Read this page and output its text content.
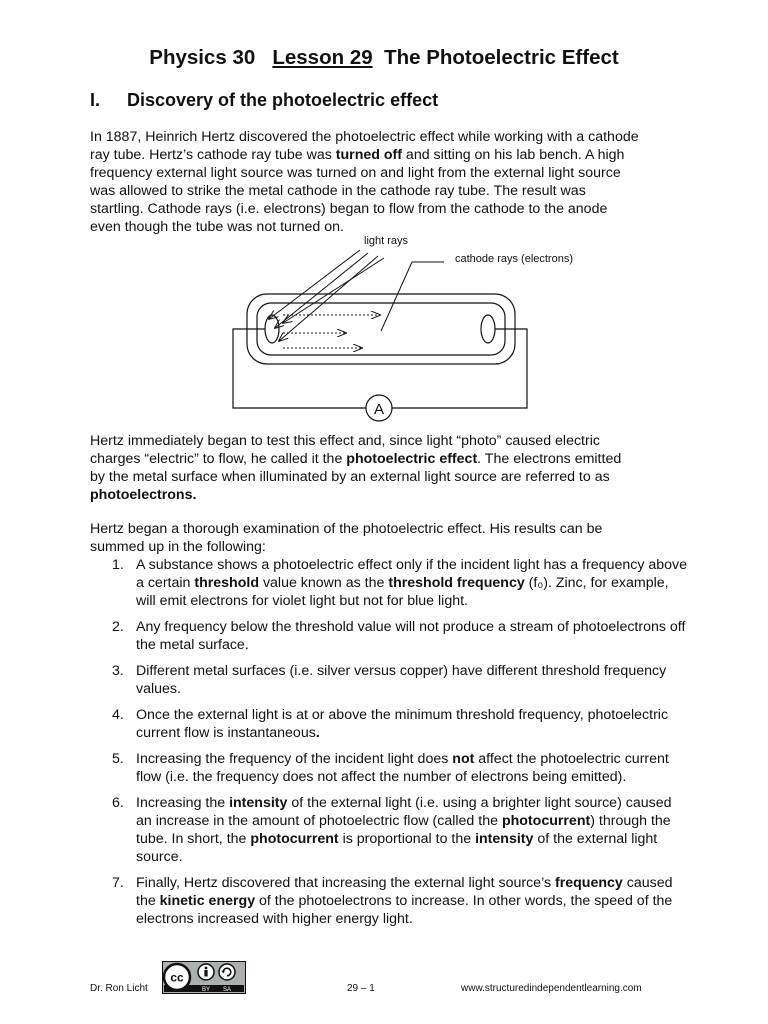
Physics 30 Lesson 29 The Photoelectric Effect
I. Discovery of the photoelectric effect
In 1887, Heinrich Hertz discovered the photoelectric effect while working with a cathode
ray tube. Hertz’s cathode ray tube was turned off and sitting on his lab bench. A high
frequency external light source was turned on and light from the external light source
was allowed to strike the metal cathode in the cathode ray tube. The result was
startling. Cathode rays (i.e. electrons) began to flow from the cathode to the anode
even though the tube was not turned on.
A
light rays
cathode rays (electrons)
Hertz immediately began to test this effect and, since light “photo” caused electric
charges “electric” to flow, he called it the photoelectric effect. The electrons emitted
by the metal surface when illuminated by an external light source are referred to as
photoelectrons.
Hertz began a thorough examination of the photoelectric effect. His results can be
summed up in the following:
1. A substance shows a photoelectric effect only if the incident light has a frequency above a certain threshold value known as the threshold frequency (f₀). Zinc, for example, will emit electrons for violet light but not for blue light.
2. Any frequency below the threshold value will not produce a stream of photoelectrons off the metal surface.
3. Different metal surfaces (i.e. silver versus copper) have different threshold frequency values.
4. Once the external light is at or above the minimum threshold frequency, photoelectric current flow is instantaneous.
5. Increasing the frequency of the incident light does not affect the photoelectric current flow (i.e. the frequency does not affect the number of electrons being emitted).
6. Increasing the intensity of the external light (i.e. using a brighter light source) caused an increase in the amount of photoelectric flow (called the photocurrent) through the tube. In short, the photocurrent is proportional to the intensity of the external light source.
7. Finally, Hertz discovered that increasing the external light source’s frequency caused the kinetic energy of the photoelectrons to increase. In other words, the speed of the electrons increased with higher energy light.
Dr. Ron Licht
cc
BY SA	29 – 1	www.structuredindependentlearning.com
